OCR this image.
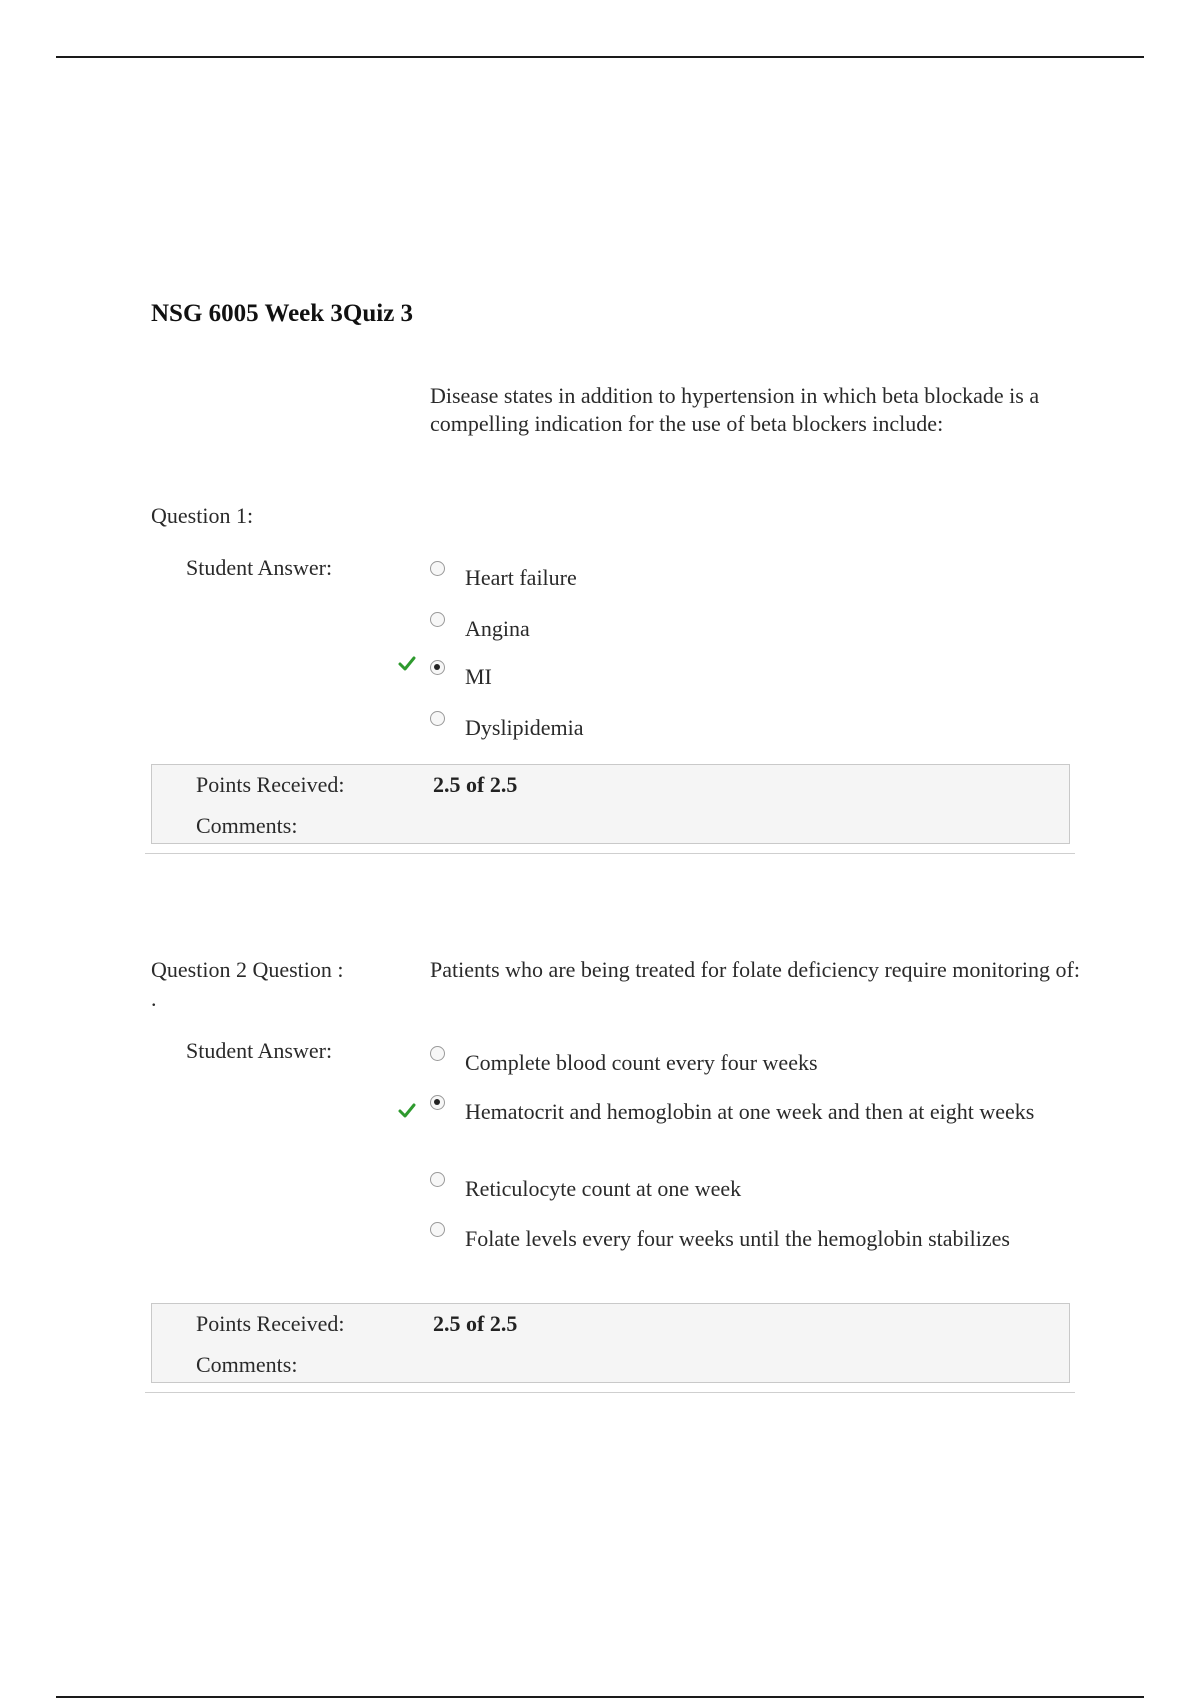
NSG 6005 Week 3Quiz 3
Disease states in addition to hypertension in which beta blockade is a compelling indication for the use of beta blockers include:
Question 1:
Student Answer:	Heart failure
Angina
MI
Dyslipidemia
Points Received:	2.5 of 2.5
Comments:
Question 2 Question :
.
Patients who are being treated for folate deficiency require monitoring of:
Student Answer:	Complete blood count every four weeks
Hematocrit and hemoglobin at one week and then at eight weeks
Reticulocyte count at one week
Folate levels every four weeks until the hemoglobin stabilizes
Points Received:	2.5 of 2.5
Comments:
